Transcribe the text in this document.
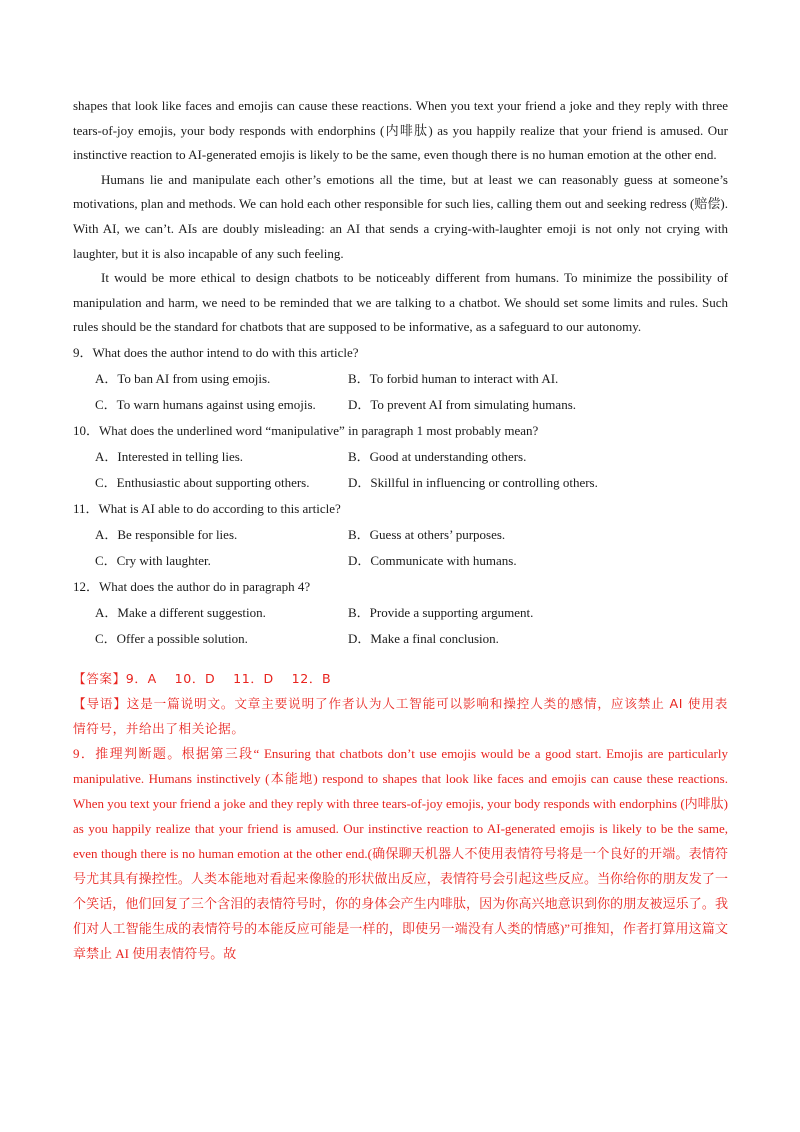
shapes that look like faces and emojis can cause these reactions. When you text your friend a joke and they reply with three tears-of-joy emojis, your body responds with endorphins (内啡肽) as you happily realize that your friend is amused. Our instinctive reaction to AI-generated emojis is likely to be the same, even though there is no human emotion at the other end.

Humans lie and manipulate each other’s emotions all the time, but at least we can reasonably guess at someone’s motivations, plan and methods. We can hold each other responsible for such lies, calling them out and seeking redress (赔偿). With AI, we can’t. AIs are doubly misleading: an AI that sends a crying-with-laughter emoji is not only not crying with laughter, but it is also incapable of any such feeling.

It would be more ethical to design chatbots to be noticeably different from humans. To minimize the possibility of manipulation and harm, we need to be reminded that we are talking to a chatbot. We should set some limits and rules. Such rules should be the standard for chatbots that are supposed to be informative, as a safeguard to our autonomy.

9．What does the author intend to do with this article?
A．To ban AI from using emojis.	B．To forbid human to interact with AI.
C．To warn humans against using emojis.	D．To prevent AI from simulating humans.
10．What does the underlined word “manipulative” in paragraph 1 most probably mean?
A．Interested in telling lies.	B．Good at understanding others.
C．Enthusiastic about supporting others.	D．Skillful in influencing or controlling others.
11．What is AI able to do according to this article?
A．Be responsible for lies.	B．Guess at others’ purposes.
C．Cry with laughter.	D．Communicate with humans.
12．What does the author do in paragraph 4?
A．Make a different suggestion.	B．Provide a supporting argument.
C．Offer a possible solution.	D．Make a final conclusion.

【答案】9．A　 10．D　 11．D　 12．B

【导语】这是一篇说明文。文章主要说明了作者认为人工智能可以影响和操控人类的感情，应该禁止 AI 使用表情符号，并给出了相关论据。

9．推理判断题。根据第三段“ Ensuring that chatbots don’t use emojis would be a good start. Emojis are particularly manipulative. Humans instinctively (本能地) respond to shapes that look like faces and emojis can cause these reactions. When you text your friend a joke and they reply with three tears-of-joy emojis, your body responds with endorphins (内啡肽) as you happily realize that your friend is amused. Our instinctive reaction to AI-generated emojis is likely to be the same, even though there is no human emotion at the other end.(确保聊天机器人不使用表情符号将是一个良好的开端。表情符号尤其具有操控性。人类本能地对看起来像脸的形状做出反应，表情符号会引起这些反应。当你给你的朋友发了一个笑话，他们回复了三个含泪的表情符号时，你的身体会产生内啡肽，因为你高兴地意识到你的朋友被逗乐了。我们对人工智能生成的表情符号的本能反应可能是一样的，即使另一端没有人类的情感)”可推知，作者打算用这篇文章禁止 AI 使用表情符号。故
